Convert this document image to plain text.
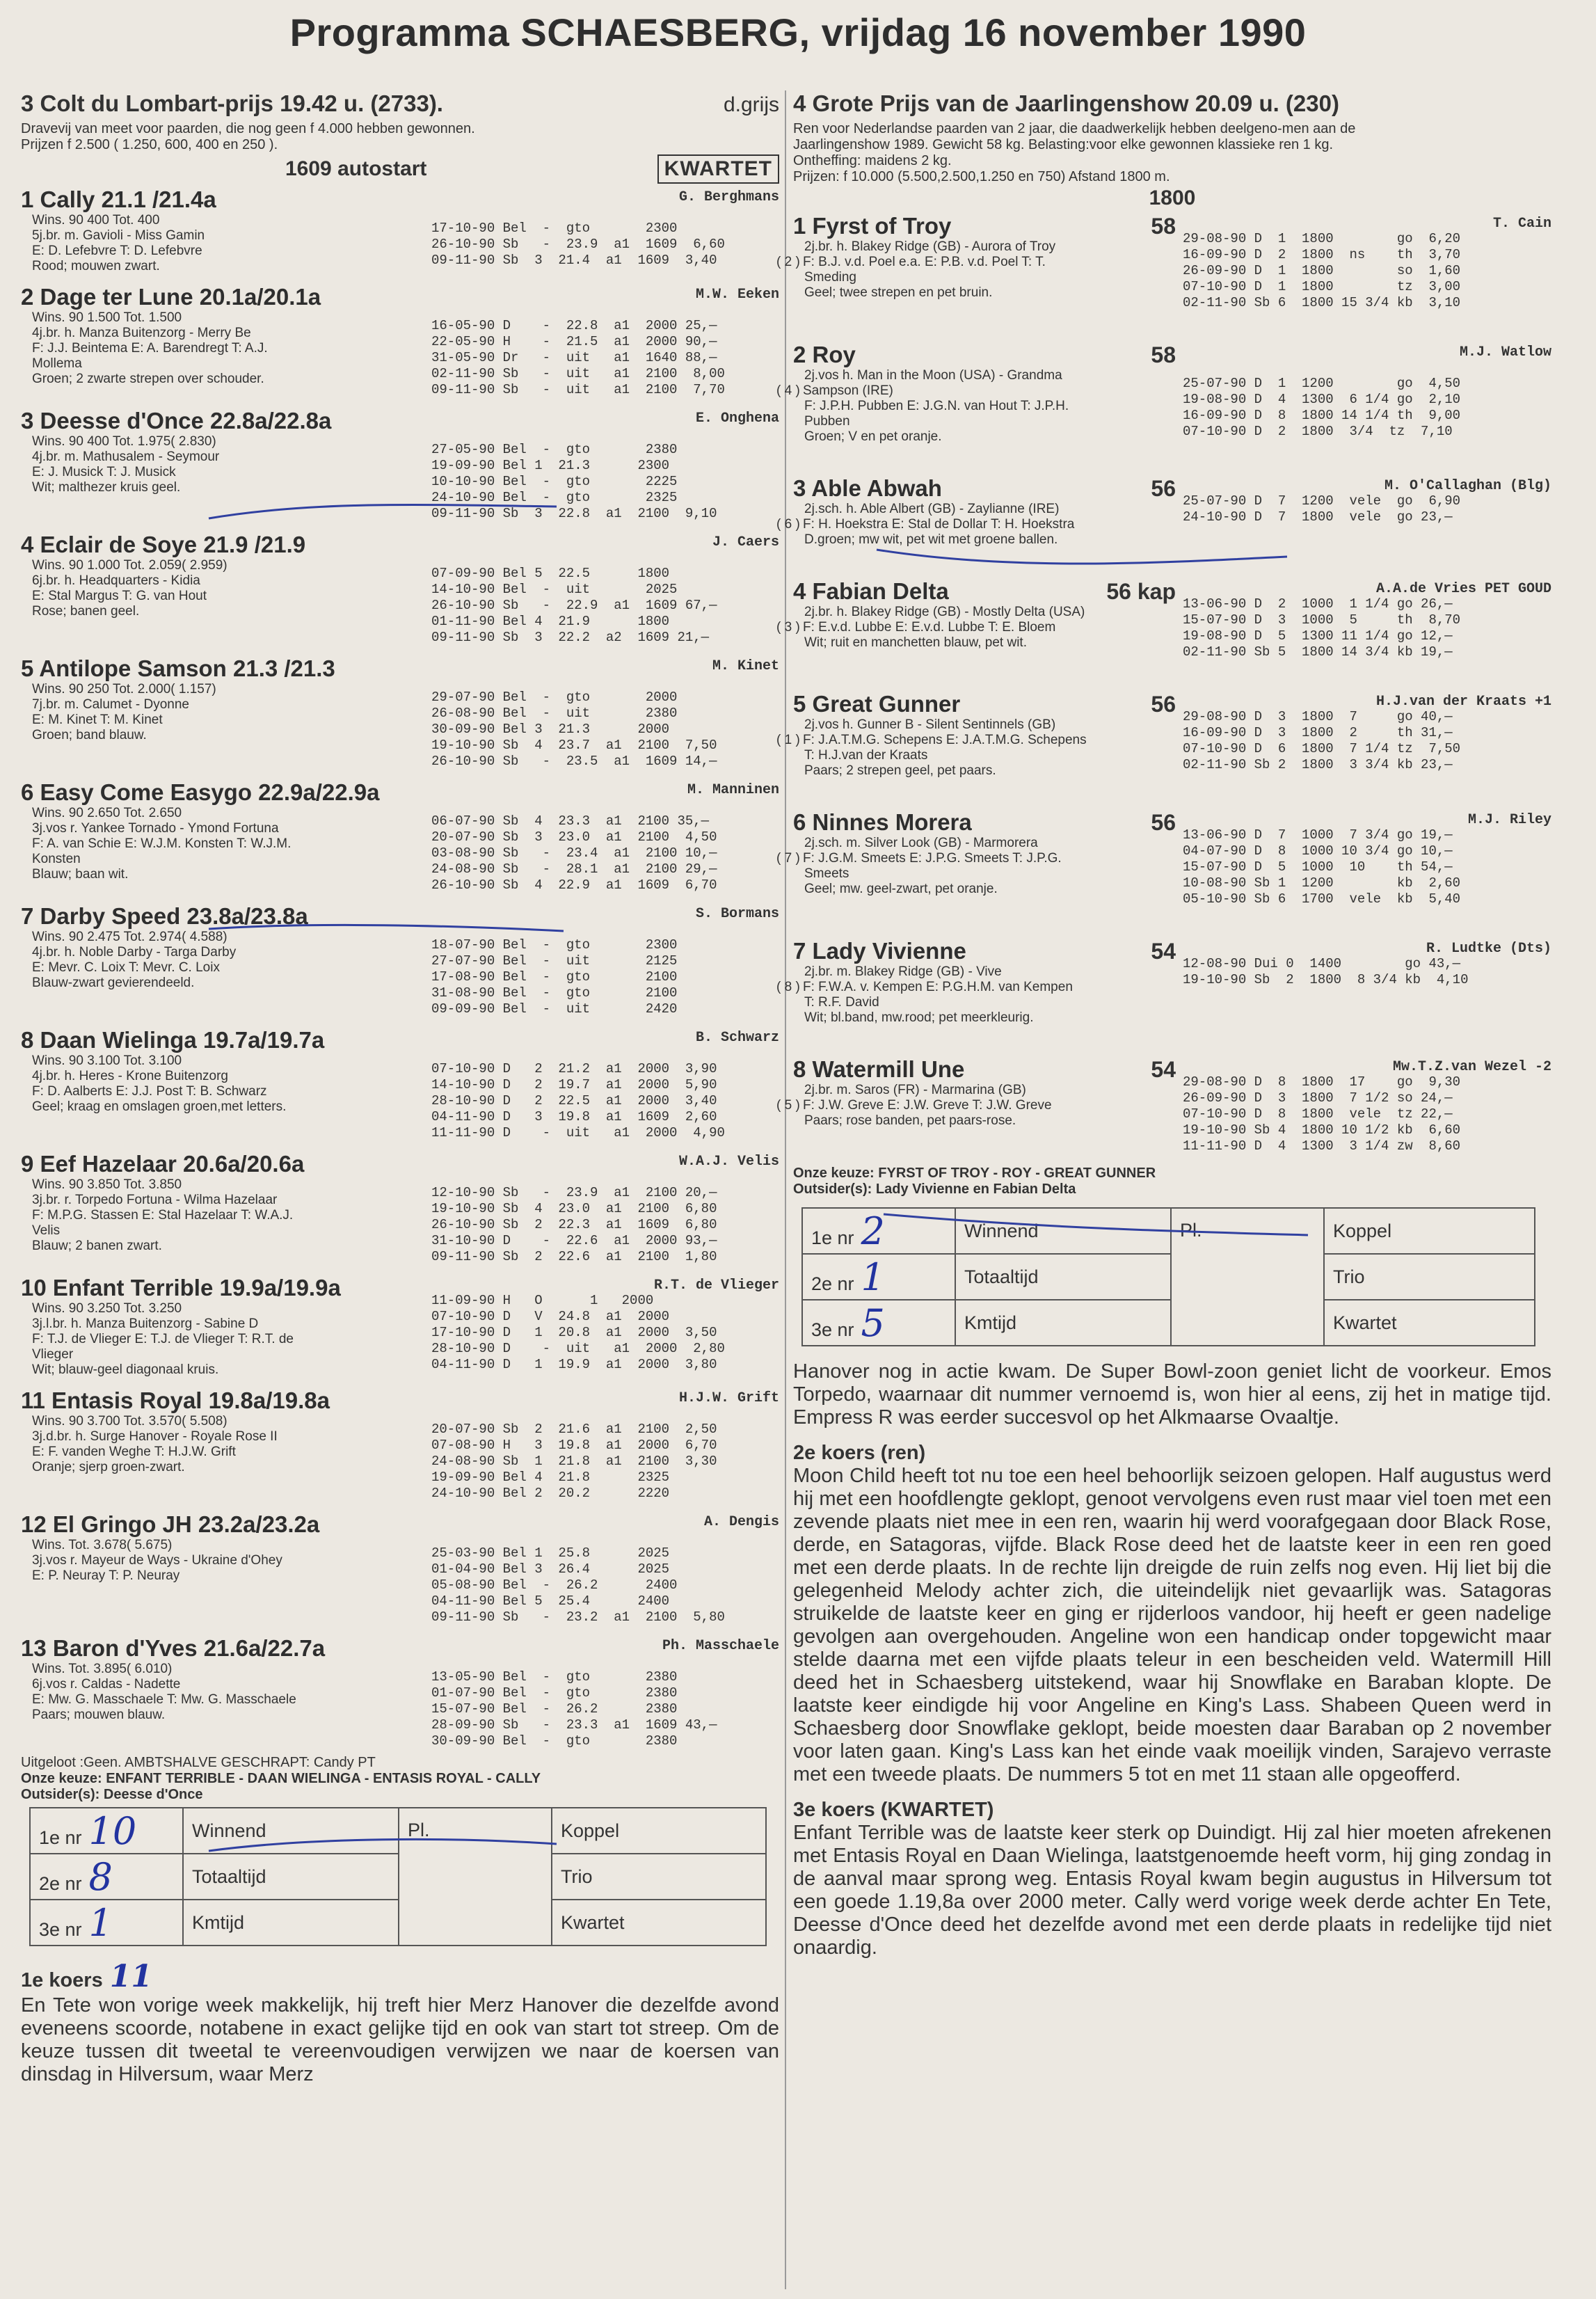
Programma SCHAESBERG, vrijdag 16 november 1990
3 Colt du Lombart-prijs 19.42 u. (2733).	d.grijs
Dravevij van meet voor paarden, die nog geen f 4.000 hebben gewonnen.
Prijzen f 2.500 ( 1.250, 600, 400 en 250 ).
1609 autostart	KWARTET
1 Cally 21.1 /21.4a
Wins. 90 400 Tot. 400
5j.br. m. Gavioli - Miss Gamin
E: D. Lefebvre T: D. Lefebvre
Rood; mouwen zwart.
G. Berghmans
17-10-90 Bel  -  gto       2300
26-10-90 Sb   -  23.9  a1  1609  6,60
09-11-90 Sb  3  21.4  a1  1609  3,40
2 Dage ter Lune 20.1a/20.1a
Wins. 90 1.500 Tot. 1.500
4j.br. h. Manza Buitenzorg - Merry Be
F: J.J. Beintema E: A. Barendregt T: A.J.
Mollema
Groen; 2 zwarte strepen over schouder.
M.W. Eeken
16-05-90 D    -  22.8  a1  2000 25,—
22-05-90 H    -  21.5  a1  2000 90,—
31-05-90 Dr   -  uit   a1  1640 88,—
02-11-90 Sb   -  uit   a1  2100  8,00
09-11-90 Sb   -  uit   a1  2100  7,70
3 Deesse d'Once 22.8a/22.8a
Wins. 90 400 Tot. 1.975( 2.830)
4j.br. m. Mathusalem - Seymour
E: J. Musick T: J. Musick
Wit; malthezer kruis geel.
E. Onghena
27-05-90 Bel  -  gto       2380
19-09-90 Bel 1  21.3      2300
10-10-90 Bel  -  gto       2225
24-10-90 Bel  -  gto       2325
09-11-90 Sb  3  22.8  a1  2100  9,10
4 Eclair de Soye 21.9 /21.9
Wins. 90 1.000 Tot. 2.059( 2.959)
6j.br. h. Headquarters - Kidia
E: Stal Margus T: G. van Hout
Rose; banen geel.
J. Caers
07-09-90 Bel 5  22.5      1800
14-10-90 Bel  -  uit       2025
26-10-90 Sb   -  22.9  a1  1609 67,—
01-11-90 Bel 4  21.9      1800
09-11-90 Sb  3  22.2  a2  1609 21,—
5 Antilope Samson 21.3 /21.3
Wins. 90 250 Tot. 2.000( 1.157)
7j.br. m. Calumet - Dyonne
E: M. Kinet T: M. Kinet
Groen; band blauw.
M. Kinet
29-07-90 Bel  -  gto       2000
26-08-90 Bel  -  uit       2380
30-09-90 Bel 3  21.3      2000
19-10-90 Sb  4  23.7  a1  2100  7,50
26-10-90 Sb   -  23.5  a1  1609 14,—
6 Easy Come Easygo 22.9a/22.9a
Wins. 90 2.650 Tot. 2.650
3j.vos r. Yankee Tornado - Ymond Fortuna
F: A. van Schie E: W.J.M. Konsten T: W.J.M.
Konsten
Blauw; baan wit.
M. Manninen
06-07-90 Sb  4  23.3  a1  2100 35,—
20-07-90 Sb  3  23.0  a1  2100  4,50
03-08-90 Sb   -  23.4  a1  2100 10,—
24-08-90 Sb   -  28.1  a1  2100 29,—
26-10-90 Sb  4  22.9  a1  1609  6,70
7 Darby Speed 23.8a/23.8a
Wins. 90 2.475 Tot. 2.974( 4.588)
4j.br. h. Noble Darby - Targa Darby
E: Mevr. C. Loix T: Mevr. C. Loix
Blauw-zwart gevierendeeld.
S. Bormans
18-07-90 Bel  -  gto       2300
27-07-90 Bel  -  uit       2125
17-08-90 Bel  -  gto       2100
31-08-90 Bel  -  gto       2100
09-09-90 Bel  -  uit       2420
8 Daan Wielinga 19.7a/19.7a
Wins. 90 3.100 Tot. 3.100
4j.br. h. Heres - Krone Buitenzorg
F: D. Aalberts E: J.J. Post T: B. Schwarz
Geel; kraag en omslagen groen,met letters.
B. Schwarz
07-10-90 D   2  21.2  a1  2000  3,90
14-10-90 D   2  19.7  a1  2000  5,90
28-10-90 D   2  22.5  a1  2000  3,40
04-11-90 D   3  19.8  a1  1609  2,60
11-11-90 D    -  uit   a1  2000  4,90
9 Eef Hazelaar 20.6a/20.6a
Wins. 90 3.850 Tot. 3.850
3j.br. r. Torpedo Fortuna - Wilma Hazelaar
F: M.P.G. Stassen E: Stal Hazelaar T: W.A.J.
Velis
Blauw; 2 banen zwart.
W.A.J. Velis
12-10-90 Sb   -  23.9  a1  2100 20,—
19-10-90 Sb  4  23.0  a1  2100  6,80
26-10-90 Sb  2  22.3  a1  1609  6,80
31-10-90 D    -  22.6  a1  2000 93,—
09-11-90 Sb  2  22.6  a1  2100  1,80
10 Enfant Terrible 19.9a/19.9a
Wins. 90 3.250 Tot. 3.250
3j.l.br. h. Manza Buitenzorg - Sabine D
F: T.J. de Vlieger E: T.J. de Vlieger T: R.T. de
Vlieger
Wit; blauw-geel diagonaal kruis.
R.T. de Vlieger
11-09-90 H   O      1   2000
07-10-90 D   V  24.8  a1  2000
17-10-90 D   1  20.8  a1  2000  3,50
28-10-90 D    -  uit   a1  2000  2,80
04-11-90 D   1  19.9  a1  2000  3,80
11 Entasis Royal 19.8a/19.8a
Wins. 90 3.700 Tot. 3.570( 5.508)
3j.d.br. h. Surge Hanover - Royale Rose II
E: F. vanden Weghe T: H.J.W. Grift
Oranje; sjerp groen-zwart.
H.J.W. Grift
20-07-90 Sb  2  21.6  a1  2100  2,50
07-08-90 H   3  19.8  a1  2000  6,70
24-08-90 Sb  1  21.8  a1  2100  3,30
19-09-90 Bel 4  21.8      2325
24-10-90 Bel 2  20.2      2220
12 El Gringo JH 23.2a/23.2a
Wins. Tot. 3.678( 5.675)
3j.vos r. Mayeur de Ways - Ukraine d'Ohey
E: P. Neuray T: P. Neuray
A. Dengis
25-03-90 Bel 1  25.8      2025
01-04-90 Bel 3  26.4      2025
05-08-90 Bel  -  26.2      2400
04-11-90 Bel 5  25.4      2400
09-11-90 Sb   -  23.2  a1  2100  5,80
13 Baron d'Yves 21.6a/22.7a
Wins. Tot. 3.895( 6.010)
6j.vos r. Caldas - Nadette
E: Mw. G. Masschaele T: Mw. G. Masschaele
Paars; mouwen blauw.
Ph. Masschaele
13-05-90 Bel  -  gto       2380
01-07-90 Bel  -  gto       2380
15-07-90 Bel  -  26.2      2380
28-09-90 Sb   -  23.3  a1  1609 43,—
30-09-90 Bel  -  gto       2380
Uitgeloot :Geen. AMBTSHALVE GESCHRAPT: Candy PT
Onze keuze: ENFANT TERRIBLE - DAAN WIELINGA - ENTASIS ROYAL - CALLY
Outsider(s): Deesse d'Once
1e nr 10	Winnend	Pl.	Koppel
2e nr 8	Totaaltijd		Trio
3e nr 1	Kmtijd		Kwartet
1e koers 11
En Tete won vorige week makkelijk, hij treft hier Merz Hanover die dezelfde avond eveneens scoorde, notabene in exact gelijke tijd en ook van start tot streep. Om de keuze tussen dit tweetal te vereenvoudigen verwijzen we naar de koersen van dinsdag in Hilversum, waar Merz
4 Grote Prijs van de Jaarlingenshow 20.09 u. (230)
Ren voor Nederlandse paarden van 2 jaar, die daadwerkelijk hebben deelgeno-men aan de
Jaarlingenshow 1989. Gewicht 58 kg. Belasting:voor elke gewonnen klassieke ren 1 kg.
Ontheffing: maidens 2 kg.
Prijzen: f 10.000 (5.500,2.500,1.250 en 750) Afstand 1800 m.
1800
1 Fyrst of Troy	58
2j.br. h. Blakey Ridge (GB) - Aurora of Troy
( 2 ) F: B.J. v.d. Poel e.a. E: P.B. v.d. Poel T: T.
Smeding
Geel; twee strepen en pet bruin.
T. Cain
29-08-90 D  1  1800        go  6,20
16-09-90 D  2  1800  ns    th  3,70
26-09-90 D  1  1800        so  1,60
07-10-90 D  1  1800        tz  3,00
02-11-90 Sb 6  1800 15 3/4 kb  3,10
2 Roy	58
2j.vos h. Man in the Moon (USA) - Grandma
( 4 ) Sampson (IRE)
F: J.P.H. Pubben E: J.G.N. van Hout T: J.P.H.
Pubben
Groen; V en pet oranje.
M.J. Watlow
25-07-90 D  1  1200        go  4,50
19-08-90 D  4  1300  6 1/4 go  2,10
16-09-90 D  8  1800 14 1/4 th  9,00
07-10-90 D  2  1800  3/4  tz  7,10
3 Able Abwah	56
2j.sch. h. Able Albert (GB) - Zaylianne (IRE)
( 6 ) F: H. Hoekstra E: Stal de Dollar T: H. Hoekstra
D.groen; mw wit, pet wit met groene ballen.
M. O'Callaghan (Blg)
25-07-90 D  7  1200  vele  go  6,90
24-10-90 D  7  1800  vele  go 23,—
4 Fabian Delta	56 kap
2j.br. h. Blakey Ridge (GB) - Mostly Delta (USA)
( 3 ) F: E.v.d. Lubbe E: E.v.d. Lubbe T: E. Bloem
Wit; ruit en manchetten blauw, pet wit.
A.A.de Vries PET GOUD
13-06-90 D  2  1000  1 1/4 go 26,—
15-07-90 D  3  1000  5     th  8,70
19-08-90 D  5  1300 11 1/4 go 12,—
02-11-90 Sb 5  1800 14 3/4 kb 19,—
5 Great Gunner	56
2j.vos h. Gunner B - Silent Sentinnels (GB)
( 1 ) F: J.A.T.M.G. Schepens E: J.A.T.M.G. Schepens
T: H.J.van der Kraats
Paars; 2 strepen geel, pet paars.
H.J.van der Kraats +1
29-08-90 D  3  1800  7     go 40,—
16-09-90 D  3  1800  2     th 31,—
07-10-90 D  6  1800  7 1/4 tz  7,50
02-11-90 Sb 2  1800  3 3/4 kb 23,—
6 Ninnes Morera	56
2j.sch. m. Silver Look (GB) - Marmorera
( 7 ) F: J.G.M. Smeets E: J.P.G. Smeets T: J.P.G.
Smeets
Geel; mw. geel-zwart, pet oranje.
M.J. Riley
13-06-90 D  7  1000  7 3/4 go 19,—
04-07-90 D  8  1000 10 3/4 go 10,—
15-07-90 D  5  1000  10    th 54,—
10-08-90 Sb 1  1200        kb  2,60
05-10-90 Sb 6  1700  vele  kb  5,40
7 Lady Vivienne	54
2j.br. m. Blakey Ridge (GB) - Vive
( 8 ) F: F.W.A. v. Kempen E: P.G.H.M. van Kempen
T: R.F. David
Wit; bl.band, mw.rood; pet meerkleurig.
R. Ludtke (Dts)
12-08-90 Dui 0  1400        go 43,—
19-10-90 Sb  2  1800  8 3/4 kb  4,10
8 Watermill Une	54
2j.br. m. Saros (FR) - Marmarina (GB)
( 5 ) F: J.W. Greve E: J.W. Greve T: J.W. Greve
Paars; rose banden, pet paars-rose.
Mw.T.Z.van Wezel -2
29-08-90 D  8  1800  17    go  9,30
26-09-90 D  3  1800  7 1/2 so 24,—
07-10-90 D  8  1800  vele  tz 22,—
19-10-90 Sb 4  1800 10 1/2 kb  6,60
11-11-90 D  4  1300  3 1/4 zw  8,60
Onze keuze: FYRST OF TROY - ROY - GREAT GUNNER
Outsider(s): Lady Vivienne en Fabian Delta
1e nr 2	Winnend	Pl.	Koppel
2e nr 1	Totaaltijd		Trio
3e nr 5	Kmtijd		Kwartet
Hanover nog in actie kwam. De Super Bowl-zoon geniet licht de voorkeur. Emos Torpedo, waarnaar dit nummer vernoemd is, won hier al eens, zij het in matige tijd. Empress R was eerder succesvol op het Alkmaarse Ovaaltje.
2e koers (ren)
Moon Child heeft tot nu toe een heel behoorlijk seizoen gelopen. Half augustus werd hij met een hoofdlengte geklopt, genoot vervolgens even rust maar viel toen met een zevende plaats niet mee in een ren, waarin hij werd voorafgegaan door Black Rose, derde, en Satagoras, vijfde. Black Rose deed het de laatste keer in een ren goed met een derde plaats. In de rechte lijn dreigde de ruin zelfs nog even. Hij liet bij die gelegenheid Melody achter zich, die uiteindelijk niet gevaarlijk was. Satagoras struikelde de laatste keer en ging er rijderloos vandoor, hij heeft er geen nadelige gevolgen aan overgehouden. Angeline won een handicap onder topgewicht maar stelde daarna met een vijfde plaats teleur in een bescheiden veld. Watermill Hill deed het in Schaesberg uitstekend, waar hij Snowflake en Baraban klopte. De laatste keer eindigde hij voor Angeline en King's Lass. Shabeen Queen werd in Schaesberg door Snowflake geklopt, beide moesten daar Baraban op 2 november voor laten gaan. King's Lass kan het einde vaak moeilijk vinden, Sarajevo verraste met een tweede plaats. De nummers 5 tot en met 11 staan alle opgeofferd.
3e koers (KWARTET)
Enfant Terrible was de laatste keer sterk op Duindigt. Hij zal hier moeten afrekenen met Entasis Royal en Daan Wielinga, laatstgenoemde heeft vorm, hij ging zondag in de aanval maar sprong weg. Entasis Royal kwam begin augustus in Hilversum tot een goede 1.19,8a over 2000 meter. Cally werd vorige week derde achter En Tete, Deesse d'Once deed het dezelfde avond met een derde plaats in redelijke tijd niet onaardig.
